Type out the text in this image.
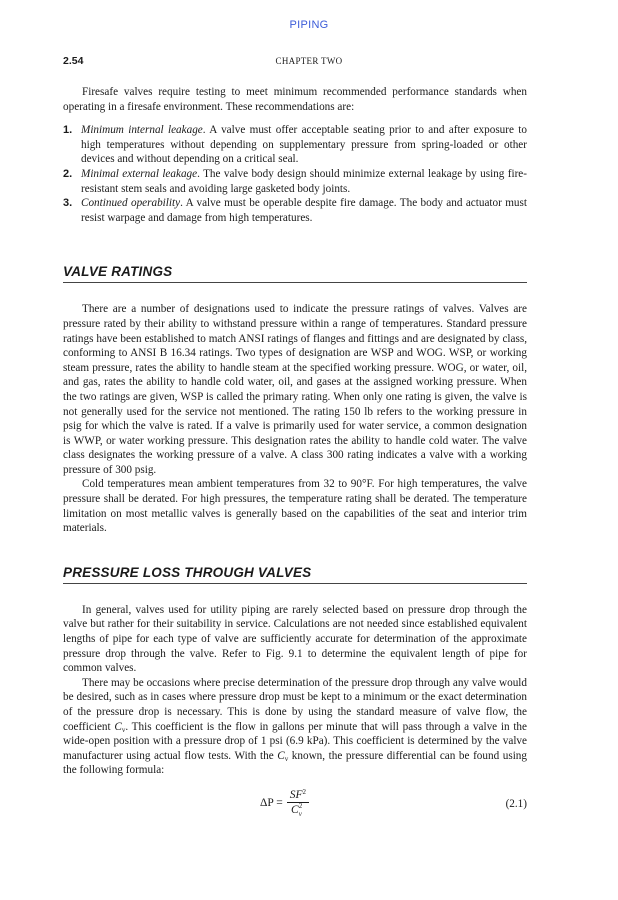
PIPING
2.54	CHAPTER TWO

Firesafe valves require testing to meet minimum recommended performance standards when operating in a firesafe environment. These recommendations are:

1. Minimum internal leakage. A valve must offer acceptable seating prior to and after exposure to high temperatures without depending on supplementary pressure from spring-loaded or other devices and without depending on a critical seal.
2. Minimal external leakage. The valve body design should minimize external leakage by using fire-resistant stem seals and avoiding large gasketed body joints.
3. Continued operability. A valve must be operable despite fire damage. The body and actuator must resist warpage and damage from high temperatures.
VALVE RATINGS

There are a number of designations used to indicate the pressure ratings of valves. Valves are pressure rated by their ability to withstand pressure within a range of temperatures. Standard pressure ratings have been established to match ANSI ratings of flanges and fittings and are designated by class, conforming to ANSI B 16.34 ratings. Two types of designation are WSP and WOG. WSP, or working steam pressure, rates the ability to handle steam at the specified working pressure. WOG, or water, oil, and gas, rates the ability to handle cold water, oil, and gases at the assigned working pressure. When the two ratings are given, WSP is called the primary rating. When only one rating is given, the valve is not generally used for the service not mentioned. The rating 150 lb refers to the working pressure in psig for which the valve is rated. If a valve is primarily used for water service, a common designation is WWP, or water working pressure. This designation rates the ability to handle cold water. The valve class designates the working pressure of a valve. A class 300 rating indicates a valve with a working pressure of 300 psig.

Cold temperatures mean ambient temperatures from 32 to 90°F. For high temperatures, the valve pressure shall be derated. For high pressures, the temperature rating shall be derated. The temperature limitation on most metallic valves is generally based on the capabilities of the seat and interior trim materials.

PRESSURE LOSS THROUGH VALVES

In general, valves used for utility piping are rarely selected based on pressure drop through the valve but rather for their suitability in service. Calculations are not needed since established equivalent lengths of pipe for each type of valve are sufficiently accurate for determination of the approximate pressure drop through the valve. Refer to Fig. 9.1 to determine the equivalent length of pipe for common valves.

There may be occasions where precise determination of the pressure drop through any valve would be desired, such as in cases where pressure drop must be kept to a minimum or the exact determination of the pressure drop is necessary. This is done by using the standard measure of valve flow, the coefficient $C_v$. This coefficient is the flow in gallons per minute that will pass through a valve in the wide-open position with a pressure drop of 1 psi (6.9 kPa). This coefficient is determined by the valve manufacturer using actual flow tests. With the $C_v$ known, the pressure differential can be found using the following formula:

$\Delta P = SF^2$
C 2
v	(2.1)
